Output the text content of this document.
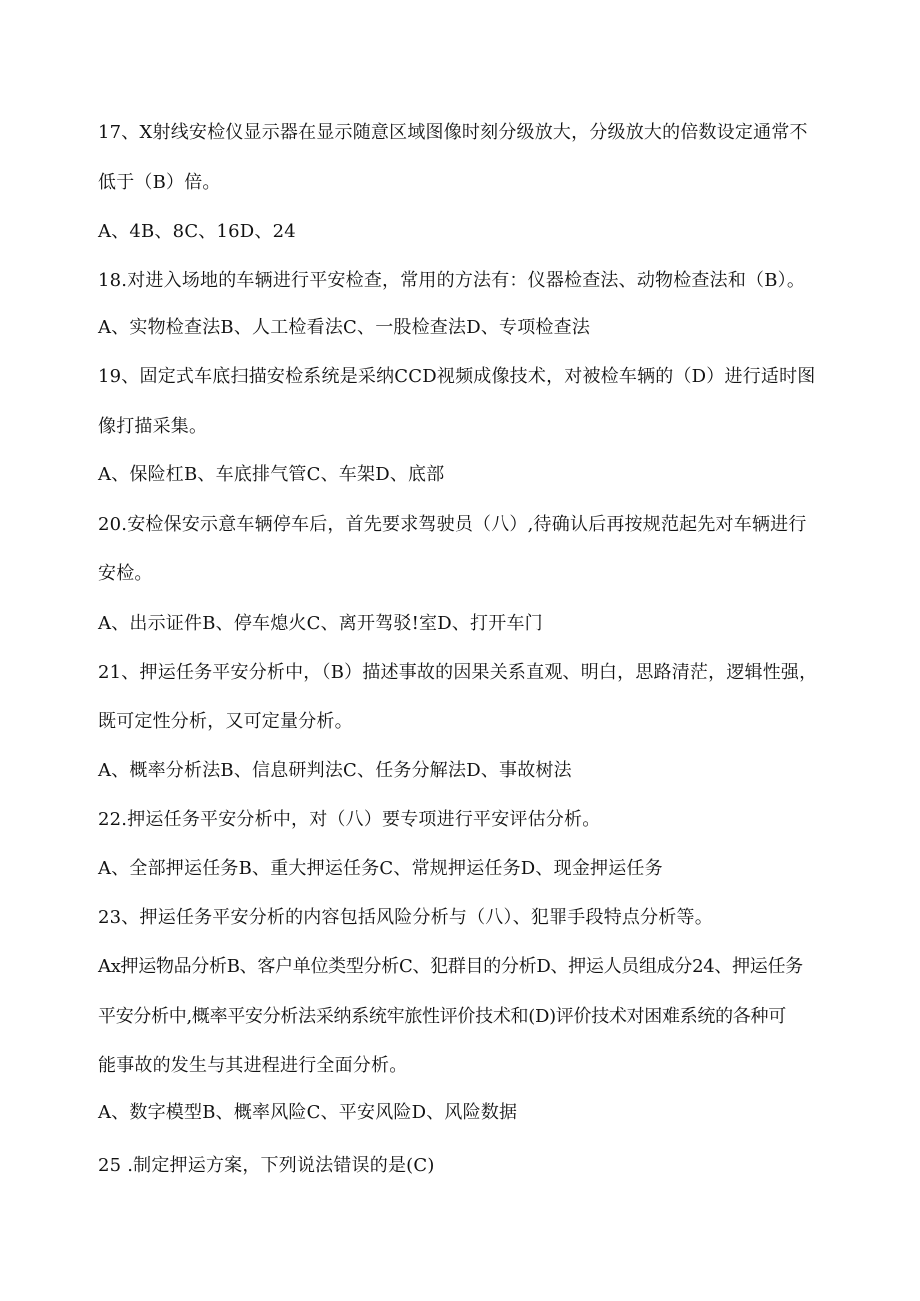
17、X射线安检仪显示器在显示随意区域图像时刻分级放大，分级放大的倍数设定通常不
低于（B）倍。
A、4B、8C、16D、24
18.对进入场地的车辆进行平安检查，常用的方法有：仪器检查法、动物检查法和（B）。
A、实物检查法B、人工检看法C、一股检查法D、专项检查法
19、固定式车底扫描安检系统是采纳CCD视频成像技术，对被检车辆的（D）进行适时图
像打描采集。
A、保险杠B、车底排气管C、车架D、底部
20.安检保安示意车辆停车后，首先要求驾驶员（八）,待确认后再按规范起先对车辆进行
安检。
A、出示证件B、停车熄火C、离开驾驳!室D、打开车门
21、押运任务平安分析中，（B）描述事故的因果关系直观、明白，思路清茫，逻辑性强，
既可定性分析，又可定量分析。
A、概率分析法B、信息研判法C、任务分解法D、事故树法
22.押运任务平安分析中，对（八）要专项进行平安评估分析。
A、全部押运任务B、重大押运任务C、常规押运任务D、现金押运任务
23、押运任务平安分析的内容包括风险分析与（八）、犯罪手段特点分析等。
Ax押运物品分析B、客户单位类型分析C、犯群目的分析D、押运人员组成分24、押运任务
平安分析中,概率平安分析法采纳系统牢旅性评价技术和(D)评价技术对困难系统的各种可
能事故的发生与其进程进行全面分析。
A、数字模型B、概率风险C、平安风险D、风险数据
25 .制定押运方案，下列说法错误的是(C)
